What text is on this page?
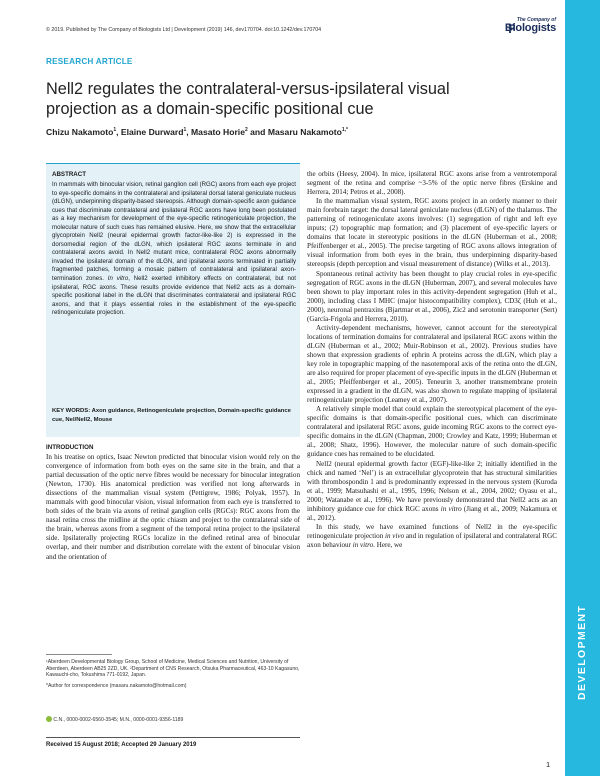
© 2019. Published by The Company of Biologists Ltd | Development (2019) 146, dev170704. doi:10.1242/dev.170704
The Company of
Biologists
DEVELOPMENT
RESEARCH ARTICLE
Nell2 regulates the contralateral-versus-ipsilateral visual projection as a domain-specific positional cue
Chizu Nakamoto$^1$, Elaine Durward$^1$, Masato Horie$^2$ and Masaru Nakamoto$^{1,*}$
ABSTRACT
In mammals with binocular vision, retinal ganglion cell (RGC) axons from each eye project to eye-specific domains in the contralateral and ipsilateral dorsal lateral geniculate nucleus (dLGN), underpinning disparity-based stereopsis. Although domain-specific axon guidance cues that discriminate contralateral and ipsilateral RGC axons have long been postulated as a key mechanism for development of the eye-specific retinogeniculate projection, the molecular nature of such cues has remained elusive. Here, we show that the extracellular glycoprotein Nell2 (neural epidermal growth factor-like-like 2) is expressed in the dorsomedial region of the dLGN, which ipsilateral RGC axons terminate in and contralateral axons avoid. In Nell2 mutant mice, contralateral RGC axons abnormally invaded the ipsilateral domain of the dLGN, and ipsilateral axons terminated in partially fragmented patches, forming a mosaic pattern of contralateral and ipsilateral axon-termination zones. In vitro, Nell2 exerted inhibitory effects on contralateral, but not ipsilateral, RGC axons. These results provide evidence that Nell2 acts as a domain-specific positional label in the dLGN that discriminates contralateral and ipsilateral RGC axons, and that it plays essential roles in the establishment of the eye-specific retinogeniculate projection.
KEY WORDS: Axon guidance, Retinogeniculate projection, Domain-specific guidance cue, Nel/Nell2, Mouse
INTRODUCTION

In his treatise on optics, Isaac Newton predicted that binocular vision would rely on the convergence of information from both eyes on the same site in the brain, and that a partial decussation of the optic nerve fibres would be necessary for binocular integration (Newton, 1730). His anatomical prediction was verified not long afterwards in dissections of the mammalian visual system (Pettigrew, 1986; Polyak, 1957). In mammals with good binocular vision, visual information from each eye is transferred to both sides of the brain via axons of retinal ganglion cells (RGCs): RGC axons from the nasal retina cross the midline at the optic chiasm and project to the contralateral side of the brain, whereas axons from a segment of the temporal retina project to the ipsilateral side. Ipsilaterally projecting RGCs localize in the defined retinal area of binocular overlap, and their number and distribution correlate with the extent of binocular vision and the orientation of

the orbits (Heesy, 2004). In mice, ipsilateral RGC axons arise from a ventrotemporal segment of the retina and comprise ~3-5% of the optic nerve fibres (Erskine and Herrera, 2014; Petros et al., 2008).

In the mammalian visual system, RGC axons project in an orderly manner to their main forebrain target: the dorsal lateral geniculate nucleus (dLGN) of the thalamus. The patterning of retinogeniculate axons involves: (1) segregation of right and left eye inputs; (2) topographic map formation; and (3) placement of eye-specific layers or domains that locate in stereotypic positions in the dLGN (Huberman et al., 2008; Pfeiffenberger et al., 2005). The precise targeting of RGC axons allows integration of visual information from both eyes in the brain, thus underpinning disparity-based stereopsis (depth perception and visual measurement of distance) (Wilks et al., 2013).

Spontaneous retinal activity has been thought to play crucial roles in eye-specific segregation of RGC axons in the dLGN (Huberman, 2007), and several molecules have been shown to play important roles in this activity-dependent segregation (Huh et al., 2000), including class I MHC (major histocompatibility complex), CD3ζ (Huh et al., 2000), neuronal pentraxins (Bjartmar et al., 2006), Zic2 and serotonin transporter (Sert) (García-Frigola and Herrera, 2010).

Activity-dependent mechanisms, however, cannot account for the stereotypical locations of termination domains for contralateral and ipsilateral RGC axons within the dLGN (Huberman et al., 2002; Muir-Robinson et al., 2002). Previous studies have shown that expression gradients of ephrin A proteins across the dLGN, which play a key role in topographic mapping of the nasotemporal axis of the retina onto the dLGN, are also required for proper placement of eye-specific inputs in the dLGN (Huberman et al., 2005; Pfeiffenberger et al., 2005). Teneurin 3, another transmembrane protein expressed in a gradient in the dLGN, was also shown to regulate mapping of ipsilateral retinogeniculate projection (Leamey et al., 2007).

A relatively simple model that could explain the stereotypical placement of the eye-specific domains is that domain-specific positional cues, which can discriminate contralateral and ipsilateral RGC axons, guide incoming RGC axons to the correct eye-specific domains in the dLGN (Chapman, 2000; Crowley and Katz, 1999; Huberman et al., 2008; Shatz, 1996). However, the molecular nature of such domain-specific guidance cues has remained to be elucidated.

Nell2 (neural epidermal growth factor (EGF)-like-like 2; initially identified in the chick and named ‘Nel’) is an extracellular glycoprotein that has structural similarities with thrombospondin 1 and is predominantly expressed in the nervous system (Kuroda et al., 1999; Matsuhashi et al., 1995, 1996; Nelson et al., 2004, 2002; Oyasu et al., 2000; Watanabe et al., 1996). We have previously demonstrated that Nell2 acts as an inhibitory guidance cue for chick RGC axons in vitro (Jiang et al., 2009; Nakamura et al., 2012).

In this study, we have examined functions of Nell2 in the eye-specific retinogeniculate projection in vivo and in regulation of ipsilateral and contralateral RGC axon behaviour in vitro. Here, we

¹Aberdeen Developmental Biology Group, School of Medicine, Medical Sciences and Nutrition, University of Aberdeen, Aberdeen AB25 2ZD, UK. ²Department of CNS Research, Otsuka Pharmaceutical, 463-10 Kagasuno, Kawauchi-cho, Tokushima 771-0192, Japan.

*Author for correspondence (masaru.nakamoto@hotmail.com)

C.N., 0000-0002-6560-3545; M.N., 0000-0001-9356-1189
Received 15 August 2018; Accepted 29 January 2019
1
